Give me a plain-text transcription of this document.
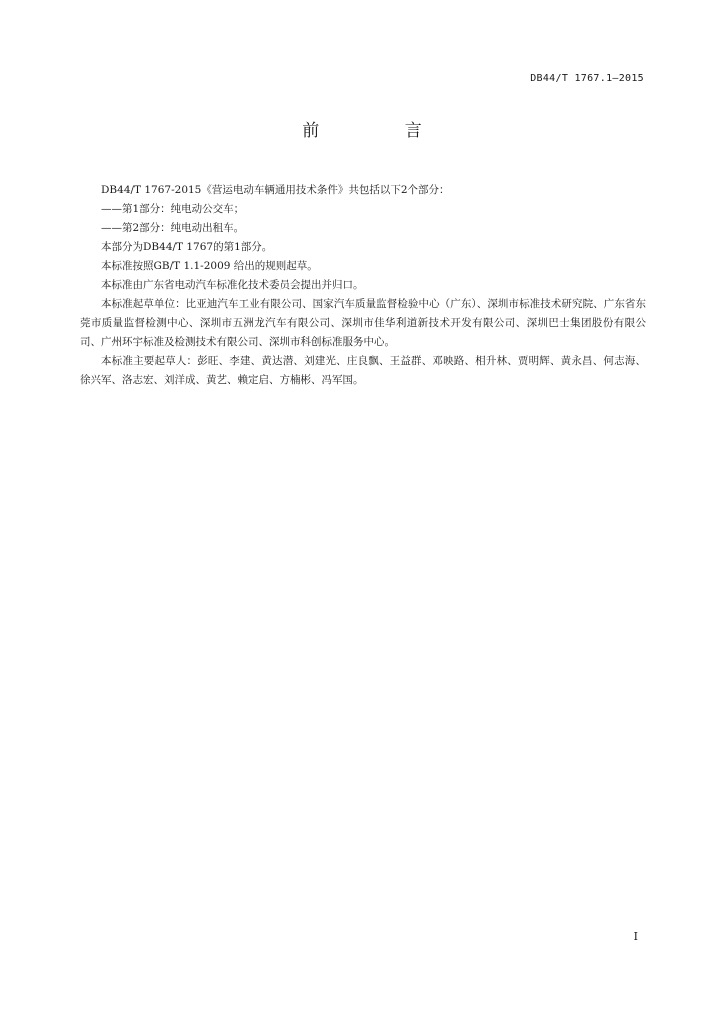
DB44/T 1767.1—2015
前 言

DB44/T 1767-2015《营运电动车辆通用技术条件》共包括以下2个部分：

——第1部分：纯电动公交车；

——第2部分：纯电动出租车。

本部分为DB44/T 1767的第1部分。

本标准按照GB/T 1.1-2009 给出的规则起草。

本标准由广东省电动汽车标准化技术委员会提出并归口。

本标准起草单位：比亚迪汽车工业有限公司、国家汽车质量监督检验中心（广东）、深圳市标准技术研究院、广东省东莞市质量监督检测中心、深圳市五洲龙汽车有限公司、深圳市佳华利道新技术开发有限公司、深圳巴士集团股份有限公司、广州环宇标准及检测技术有限公司、深圳市科创标准服务中心。

本标准主要起草人：彭旺、李建、黄达潜、刘建光、庄良飘、王益群、邓映路、相升林、贾明辉、黄永昌、何志海、徐兴军、洛志宏、刘洋成、黄艺、赖定启、方楠彬、冯军国。

I
